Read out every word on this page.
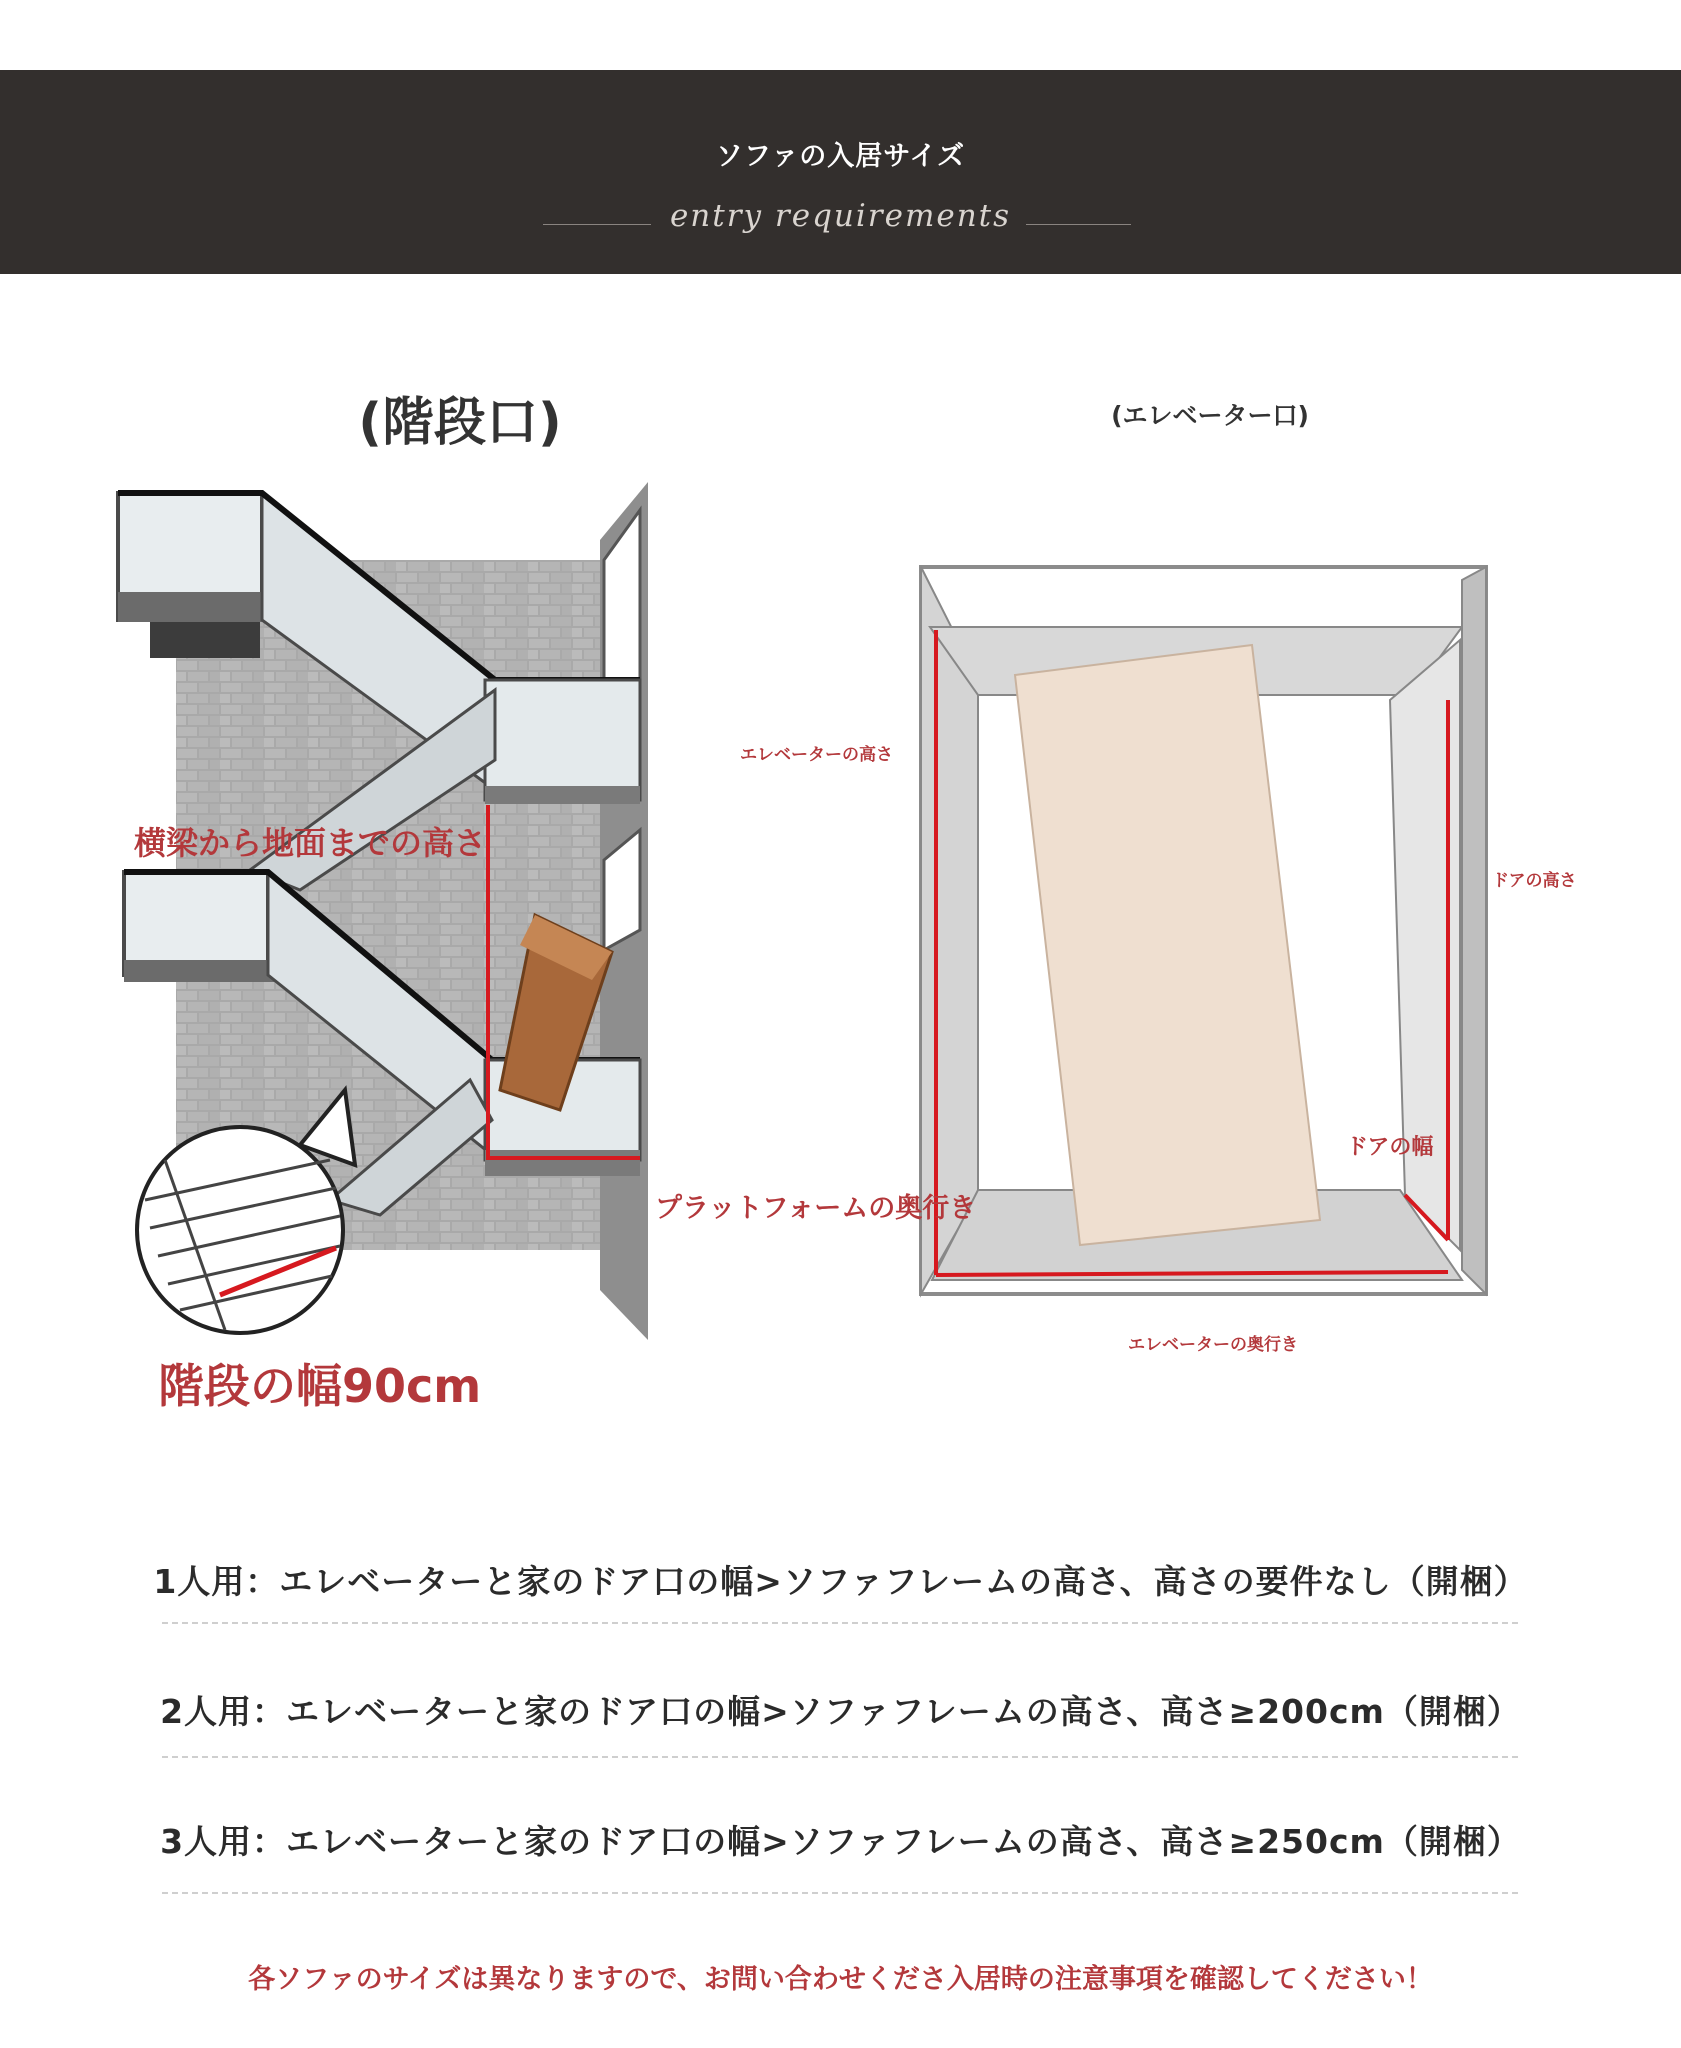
ソファの入居サイズ
entry requirements
(階段口)	(エレベーター口)
横梁から地面までの高さ
プラットフォームの奥行き
階段の幅90cm
エレベーターの高さ
ドアの高さ
ドアの幅
エレベーターの奥行き
1人用：エレベーターと家のドア口の幅>ソファフレームの高さ、高さの要件なし（開梱）
2人用：エレベーターと家のドア口の幅>ソファフレームの高さ、高さ≥200cm（開梱）
3人用：エレベーターと家のドア口の幅>ソファフレームの高さ、高さ≥250cm（開梱）
各ソファのサイズは異なりますので、お問い合わせくださ入居時の注意事項を確認してください！
